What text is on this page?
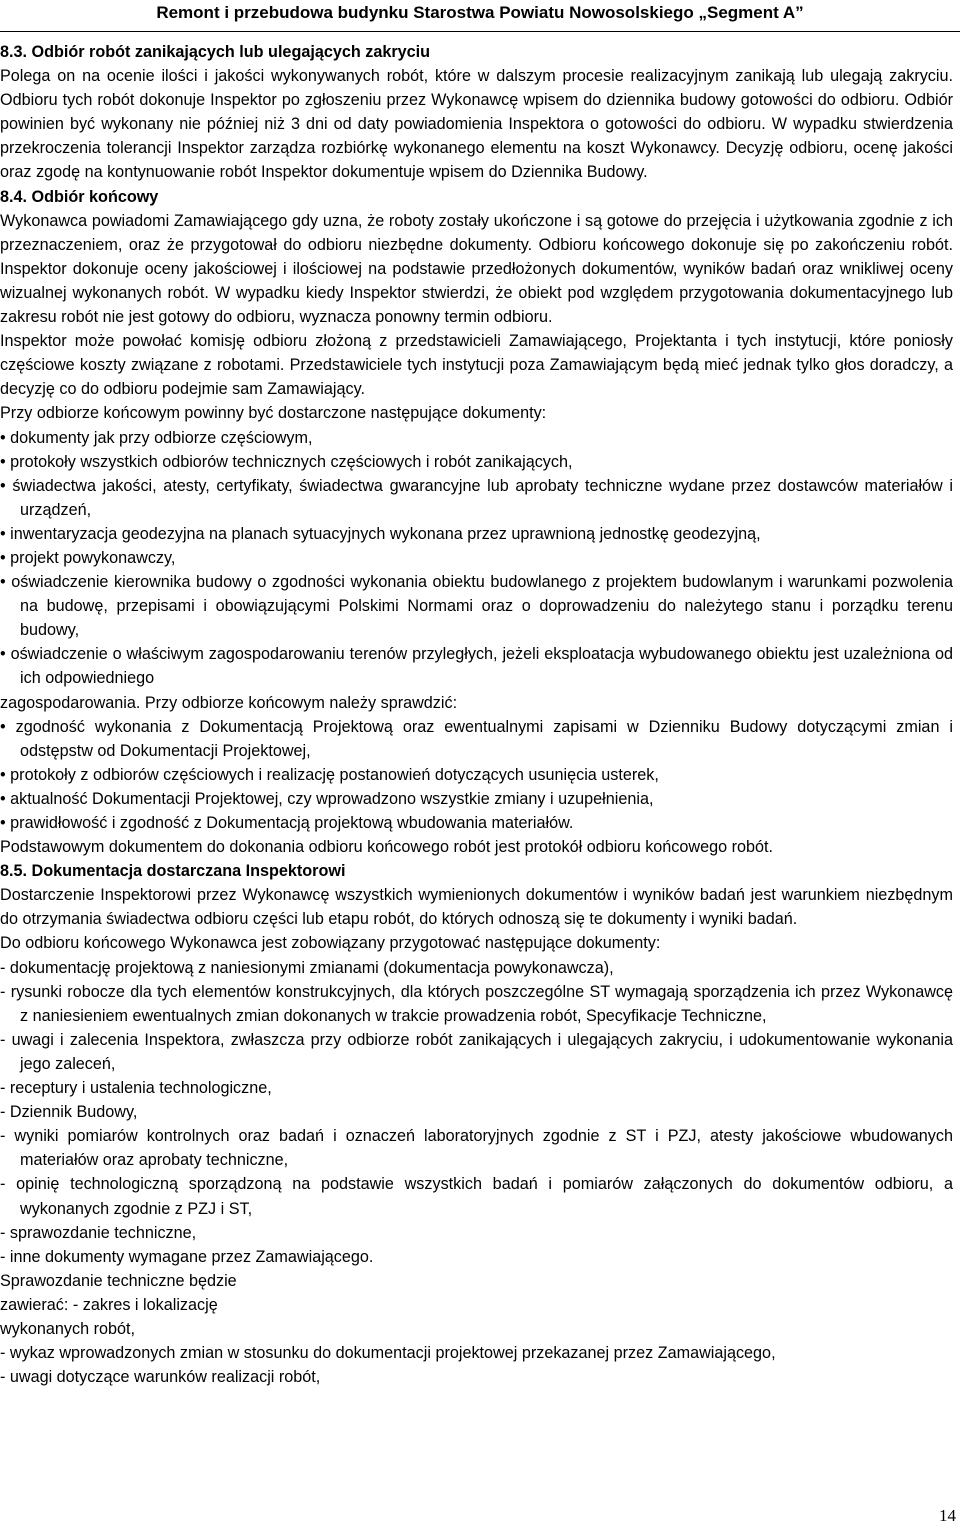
Remont i przebudowa budynku Starostwa Powiatu Nowosolskiego „Segment A”

8.3. Odbiór robót zanikających lub ulegających zakryciu

Polega on na ocenie ilości i jakości wykonywanych robót, które w dalszym procesie realizacyjnym zanikają lub ulegają zakryciu. Odbioru tych robót dokonuje Inspektor po zgłoszeniu przez Wykonawcę wpisem do dziennika budowy gotowości do odbioru. Odbiór powinien być wykonany nie później niż 3 dni od daty powiadomienia Inspektora o gotowości do odbioru. W wypadku stwierdzenia przekroczenia tolerancji Inspektor zarządza rozbiórkę wykonanego elementu na koszt Wykonawcy. Decyzję odbioru, ocenę jakości oraz zgodę na kontynuowanie robót Inspektor dokumentuje wpisem do Dziennika Budowy.

8.4. Odbiór końcowy

Wykonawca powiadomi Zamawiającego gdy uzna, że roboty zostały ukończone i są gotowe do przejęcia i użytkowania zgodnie z ich przeznaczeniem, oraz że przygotował do odbioru niezbędne dokumenty. Odbioru końcowego dokonuje się po zakończeniu robót. Inspektor dokonuje oceny jakościowej i ilościowej na podstawie przedłożonych dokumentów, wyników badań oraz wnikliwej oceny wizualnej wykonanych robót. W wypadku kiedy Inspektor stwierdzi, że obiekt pod względem przygotowania dokumentacyjnego lub zakresu robót nie jest gotowy do odbioru, wyznacza ponowny termin odbioru.

Inspektor może powołać komisję odbioru złożoną z przedstawicieli Zamawiającego, Projektanta i tych instytucji, które poniosły częściowe koszty związane z robotami. Przedstawiciele tych instytucji poza Zamawiającym będą mieć jednak tylko głos doradczy, a decyzję co do odbioru podejmie sam Zamawiający.

Przy odbiorze końcowym powinny być dostarczone następujące dokumenty:

• dokumenty jak przy odbiorze częściowym,

• protokoły wszystkich odbiorów technicznych częściowych i robót zanikających,

• świadectwa jakości, atesty, certyfikaty, świadectwa gwarancyjne lub aprobaty techniczne wydane przez dostawców materiałów i urządzeń,

• inwentaryzacja geodezyjna na planach sytuacyjnych wykonana przez uprawnioną jednostkę geodezyjną,

• projekt powykonawczy,

• oświadczenie kierownika budowy o zgodności wykonania obiektu budowlanego z projektem budowlanym i warunkami pozwolenia na budowę, przepisami i obowiązującymi Polskimi Normami oraz o doprowadzeniu do należytego stanu i porządku terenu budowy,

• oświadczenie o właściwym zagospodarowaniu terenów przyległych, jeżeli eksploatacja wybudowanego obiektu jest uzależniona od ich odpowiedniego

zagospodarowania. Przy odbiorze końcowym należy sprawdzić:

• zgodność wykonania z Dokumentacją Projektową oraz ewentualnymi zapisami w Dzienniku Budowy dotyczącymi zmian i odstępstw od Dokumentacji Projektowej,

• protokoły z odbiorów częściowych i realizację postanowień dotyczących usunięcia usterek,

• aktualność Dokumentacji Projektowej, czy wprowadzono wszystkie zmiany i uzupełnienia,

• prawidłowość i zgodność z Dokumentacją projektową wbudowania materiałów.

Podstawowym dokumentem do dokonania odbioru końcowego robót jest protokół odbioru końcowego robót.

8.5. Dokumentacja dostarczana Inspektorowi

Dostarczenie Inspektorowi przez Wykonawcę wszystkich wymienionych dokumentów i wyników badań jest warunkiem niezbędnym do otrzymania świadectwa odbioru części lub etapu robót, do których odnoszą się te dokumenty i wyniki badań.

Do odbioru końcowego Wykonawca jest zobowiązany przygotować następujące dokumenty:

- dokumentację projektową z naniesionymi zmianami (dokumentacja powykonawcza),

- rysunki robocze dla tych elementów konstrukcyjnych, dla których poszczególne ST wymagają sporządzenia ich przez Wykonawcę z naniesieniem ewentualnych zmian dokonanych w trakcie prowadzenia robót, Specyfikacje Techniczne,

- uwagi i zalecenia Inspektora, zwłaszcza przy odbiorze robót zanikających i ulegających zakryciu, i udokumentowanie wykonania jego zaleceń,

- receptury i ustalenia technologiczne,

- Dziennik Budowy,

- wyniki pomiarów kontrolnych oraz badań i oznaczeń laboratoryjnych zgodnie z ST i PZJ, atesty jakościowe wbudowanych materiałów oraz aprobaty techniczne,

- opinię technologiczną sporządzoną na podstawie wszystkich badań i pomiarów załączonych do dokumentów odbioru, a wykonanych zgodnie z PZJ i ST,

- sprawozdanie techniczne,

- inne dokumenty wymagane przez Zamawiającego.

Sprawozdanie techniczne będzie

zawierać: - zakres i lokalizację

wykonanych robót,

- wykaz wprowadzonych zmian w stosunku do dokumentacji projektowej przekazanej przez Zamawiającego,

- uwagi dotyczące warunków realizacji robót,

14
